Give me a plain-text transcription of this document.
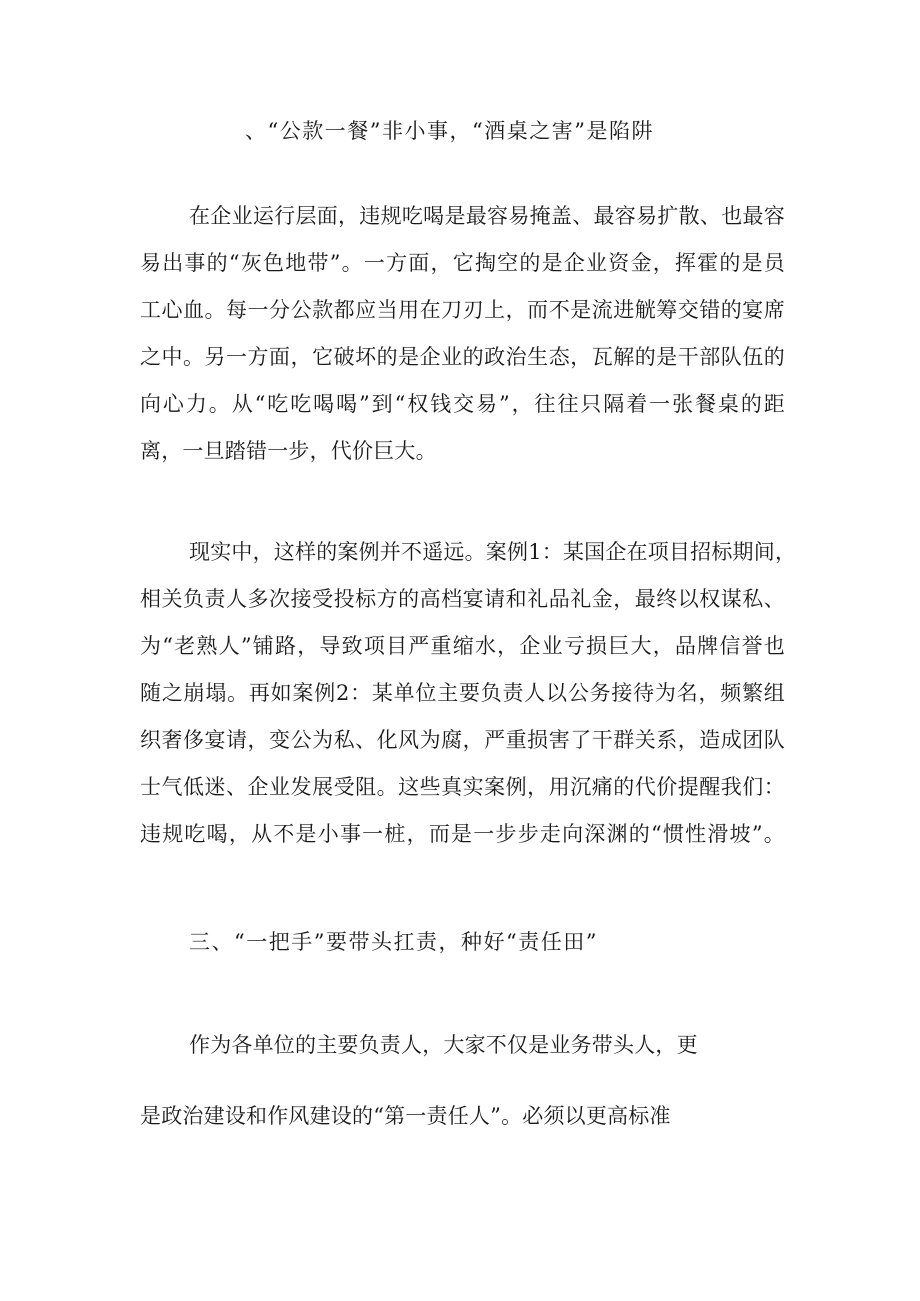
、“公款一餐”非小事，“酒桌之害”是陷阱
在企业运行层面，违规吃喝是最容易掩盖、最容易扩散、也最容
易出事的“灰色地带”。一方面，它掏空的是企业资金，挥霍的是员
工心血。每一分公款都应当用在刀刃上，而不是流进觥筹交错的宴席
之中。另一方面，它破坏的是企业的政治生态，瓦解的是干部队伍的
向心力。从“吃吃喝喝”到“权钱交易”，往往只隔着一张餐桌的距
离，一旦踏错一步，代价巨大。
现实中，这样的案例并不遥远。案例1：某国企在项目招标期间，
相关负责人多次接受投标方的高档宴请和礼品礼金，最终以权谋私、
为“老熟人”铺路，导致项目严重缩水，企业亏损巨大，品牌信誉也
随之崩塌。再如案例2：某单位主要负责人以公务接待为名，频繁组
织奢侈宴请，变公为私、化风为腐，严重损害了干群关系，造成团队
士气低迷、企业发展受阻。这些真实案例，用沉痛的代价提醒我们：
违规吃喝，从不是小事一桩，而是一步步走向深渊的“惯性滑坡”。
三、“一把手”要带头扛责，种好“责任田”
作为各单位的主要负责人，大家不仅是业务带头人，更
是政治建设和作风建设的“第一责任人”。必须以更高标准
